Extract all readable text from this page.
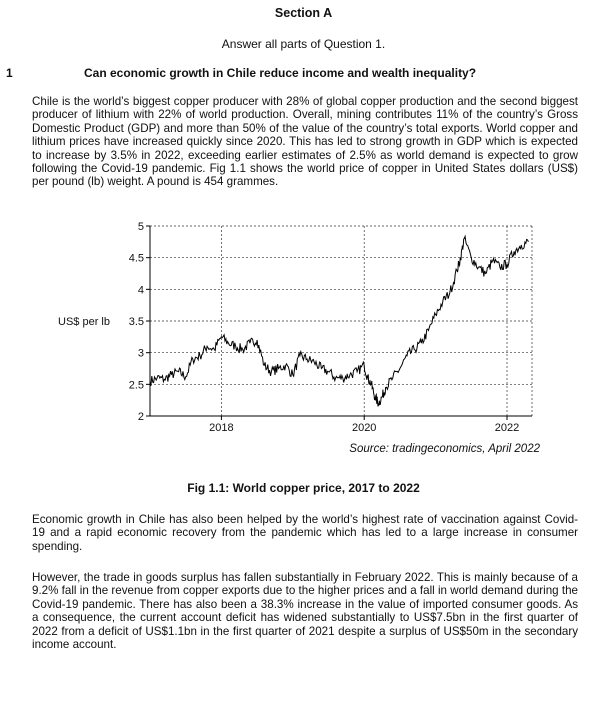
Section A
Answer all parts of Question 1.
1	Can economic growth in Chile reduce income and wealth inequality?

Chile is the world’s biggest copper producer with 28% of global copper production and the second biggest producer of lithium with 22% of world production. Overall, mining contributes 11% of the country’s Gross Domestic Product (GDP) and more than 50% of the value of the country’s total exports. World copper and lithium prices have increased quickly since 2020. This has led to strong growth in GDP which is expected to increase by 3.5% in 2022, exceeding earlier estimates of 2.5% as world demand is expected to grow following the Covid-19 pandemic. Fig 1.1 shows the world price of copper in United States dollars (US$) per pound (lb) weight. A pound is 454 grammes.

2
2.5
3
3.5
4
4.5
5
2018	2020	2022
US$ per lb
Source: tradingeconomics, April 2022
Fig 1.1: World copper price, 2017 to 2022

Economic growth in Chile has also been helped by the world’s highest rate of vaccination against Covid-19 and a rapid economic recovery from the pandemic which has led to a large increase in consumer spending.

However, the trade in goods surplus has fallen substantially in February 2022. This is mainly because of a 9.2% fall in the revenue from copper exports due to the higher prices and a fall in world demand during the Covid-19 pandemic. There has also been a 38.3% increase in the value of imported consumer goods. As a consequence, the current account deficit has widened substantially to US$7.5bn in the first quarter of 2022 from a deficit of US$1.1bn in the first quarter of 2021 despite a surplus of US$50m in the secondary income account.
